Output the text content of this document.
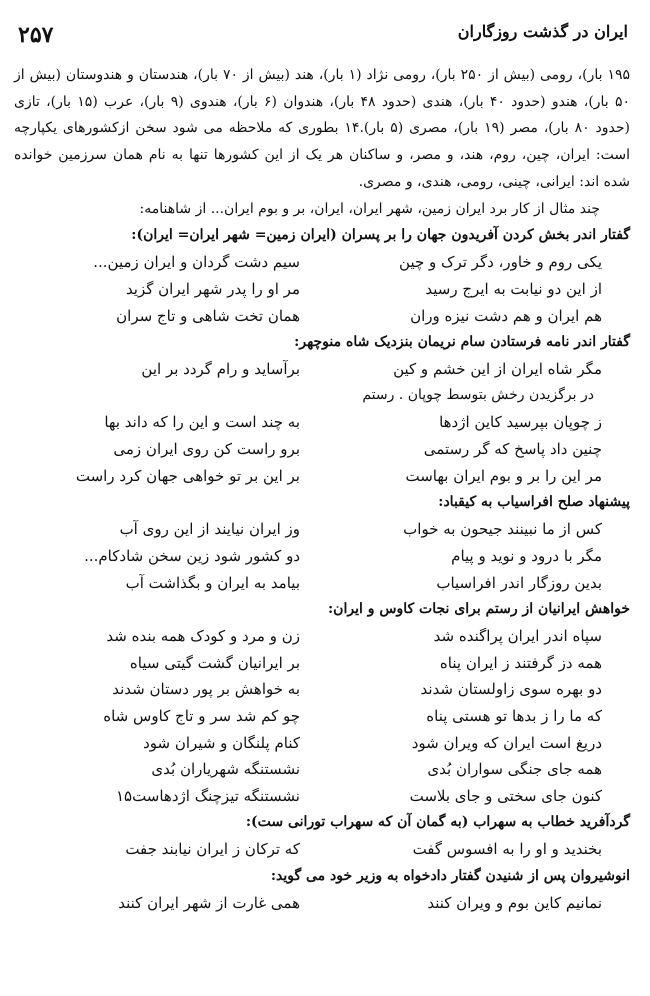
ایران در گذشت روزگاران
۲۵۷

۱۹۵ بار)، رومی (بیش از ۲۵۰ بار)، رومی نژاد (۱ بار)، هند (بیش از ۷۰ بار)، هندستان و هندوستان (بیش از ۵۰ بار)، هندو (حدود ۴۰ بار)، هندی (حدود ۴۸ بار)، هندوان (۶ بار)، هندوی (۹ بار)، عرب (۱۵ بار)، تازی (حدود ۸۰ بار)، مصر (۱۹ بار)، مصری (۵ بار).۱۴ بطوری که ملاحظه می شود سخن ازکشورهای یکپارچه است: ایران، چین، روم، هند، و مصر، و ساکنان هر یک از این کشورها تنها به نام همان سرزمین خوانده شده اند: ایرانی، چینی، رومی، هندی، و مصری.

چند مثال از کار برد ایران زمین، شهر ایران، ایران، بر و بوم ایران... از شاهنامه:

گفتار اندر بخش کردن آفریدون جهان را بر پسران (ایران زمین= شهر ایران= ایران):

یکی روم و خاور، دگر ترک و چین
سیم دشت گردان و ایران زمین...
از این دو نیابت به ایرج رسید
مر او را پدر شهر ایران گزید
هم ایران و هم دشت نیزه وران
همان تخت شاهی و تاج سران

گفتار اندر نامه فرستادن سام نریمان بنزدیک شاه منوچهر:

مگر شاه ایران از این خشم و کین
برآساید و رام گردد بر این

در برگزیدن رخش بتوسط چوپان . رستم

ز چوپان بپرسید کاین اژدها
به چند است و این را که داند بها
چنین داد پاسخ که گر رستمی
برو راست کن روی ایران زمی
مر این را بر و بوم ایران بهاست
بر این بر تو خواهی جهان کرد راست

پیشنهاد صلح افراسیاب به کیقباد:

کس از ما نبینند جیحون به خواب
وز ایران نیایند از این روی آب
مگر با درود و نوید و پیام
دو کشور شود زین سخن شادکام...
بدین روزگار اندر افراسیاب
بیامد به ایران و بگذاشت آب

خواهش ایرانیان از رستم برای نجات کاوس و ایران:

سپاه اندر ایران پراگنده شد
زن و مرد و کودک همه بنده شد
همه دز گرفتند ز ایران پناه
بر ایرانیان گشت گیتی سیاه
دو بهره سوی زاولستان شدند
به خواهش بر پور دستان شدند
که ما را ز بدها تو هستی پناه
چو کم شد سر و تاج کاوس شاه
دریغ است ایران که ویران شود
کنام پلنگان و شیران شود
همه جای جنگی سواران بُدی
نشستنگه شهریاران بُدی
کنون جای سختی و جای بلاست
نشستنگه تیزچنگ اژدهاست۱۵

گردآفرید خطاب به سهراب (به گمان آن که سهراب تورانی ست):

بخندید و او را به افسوس گفت
که ترکان ز ایران نیابند جفت

انوشیروان پس از شنیدن گفتار دادخواه به وزیر خود می گوید:

نمانیم کاین بوم و ویران کنند
همی غارت از شهر ایران کنند
